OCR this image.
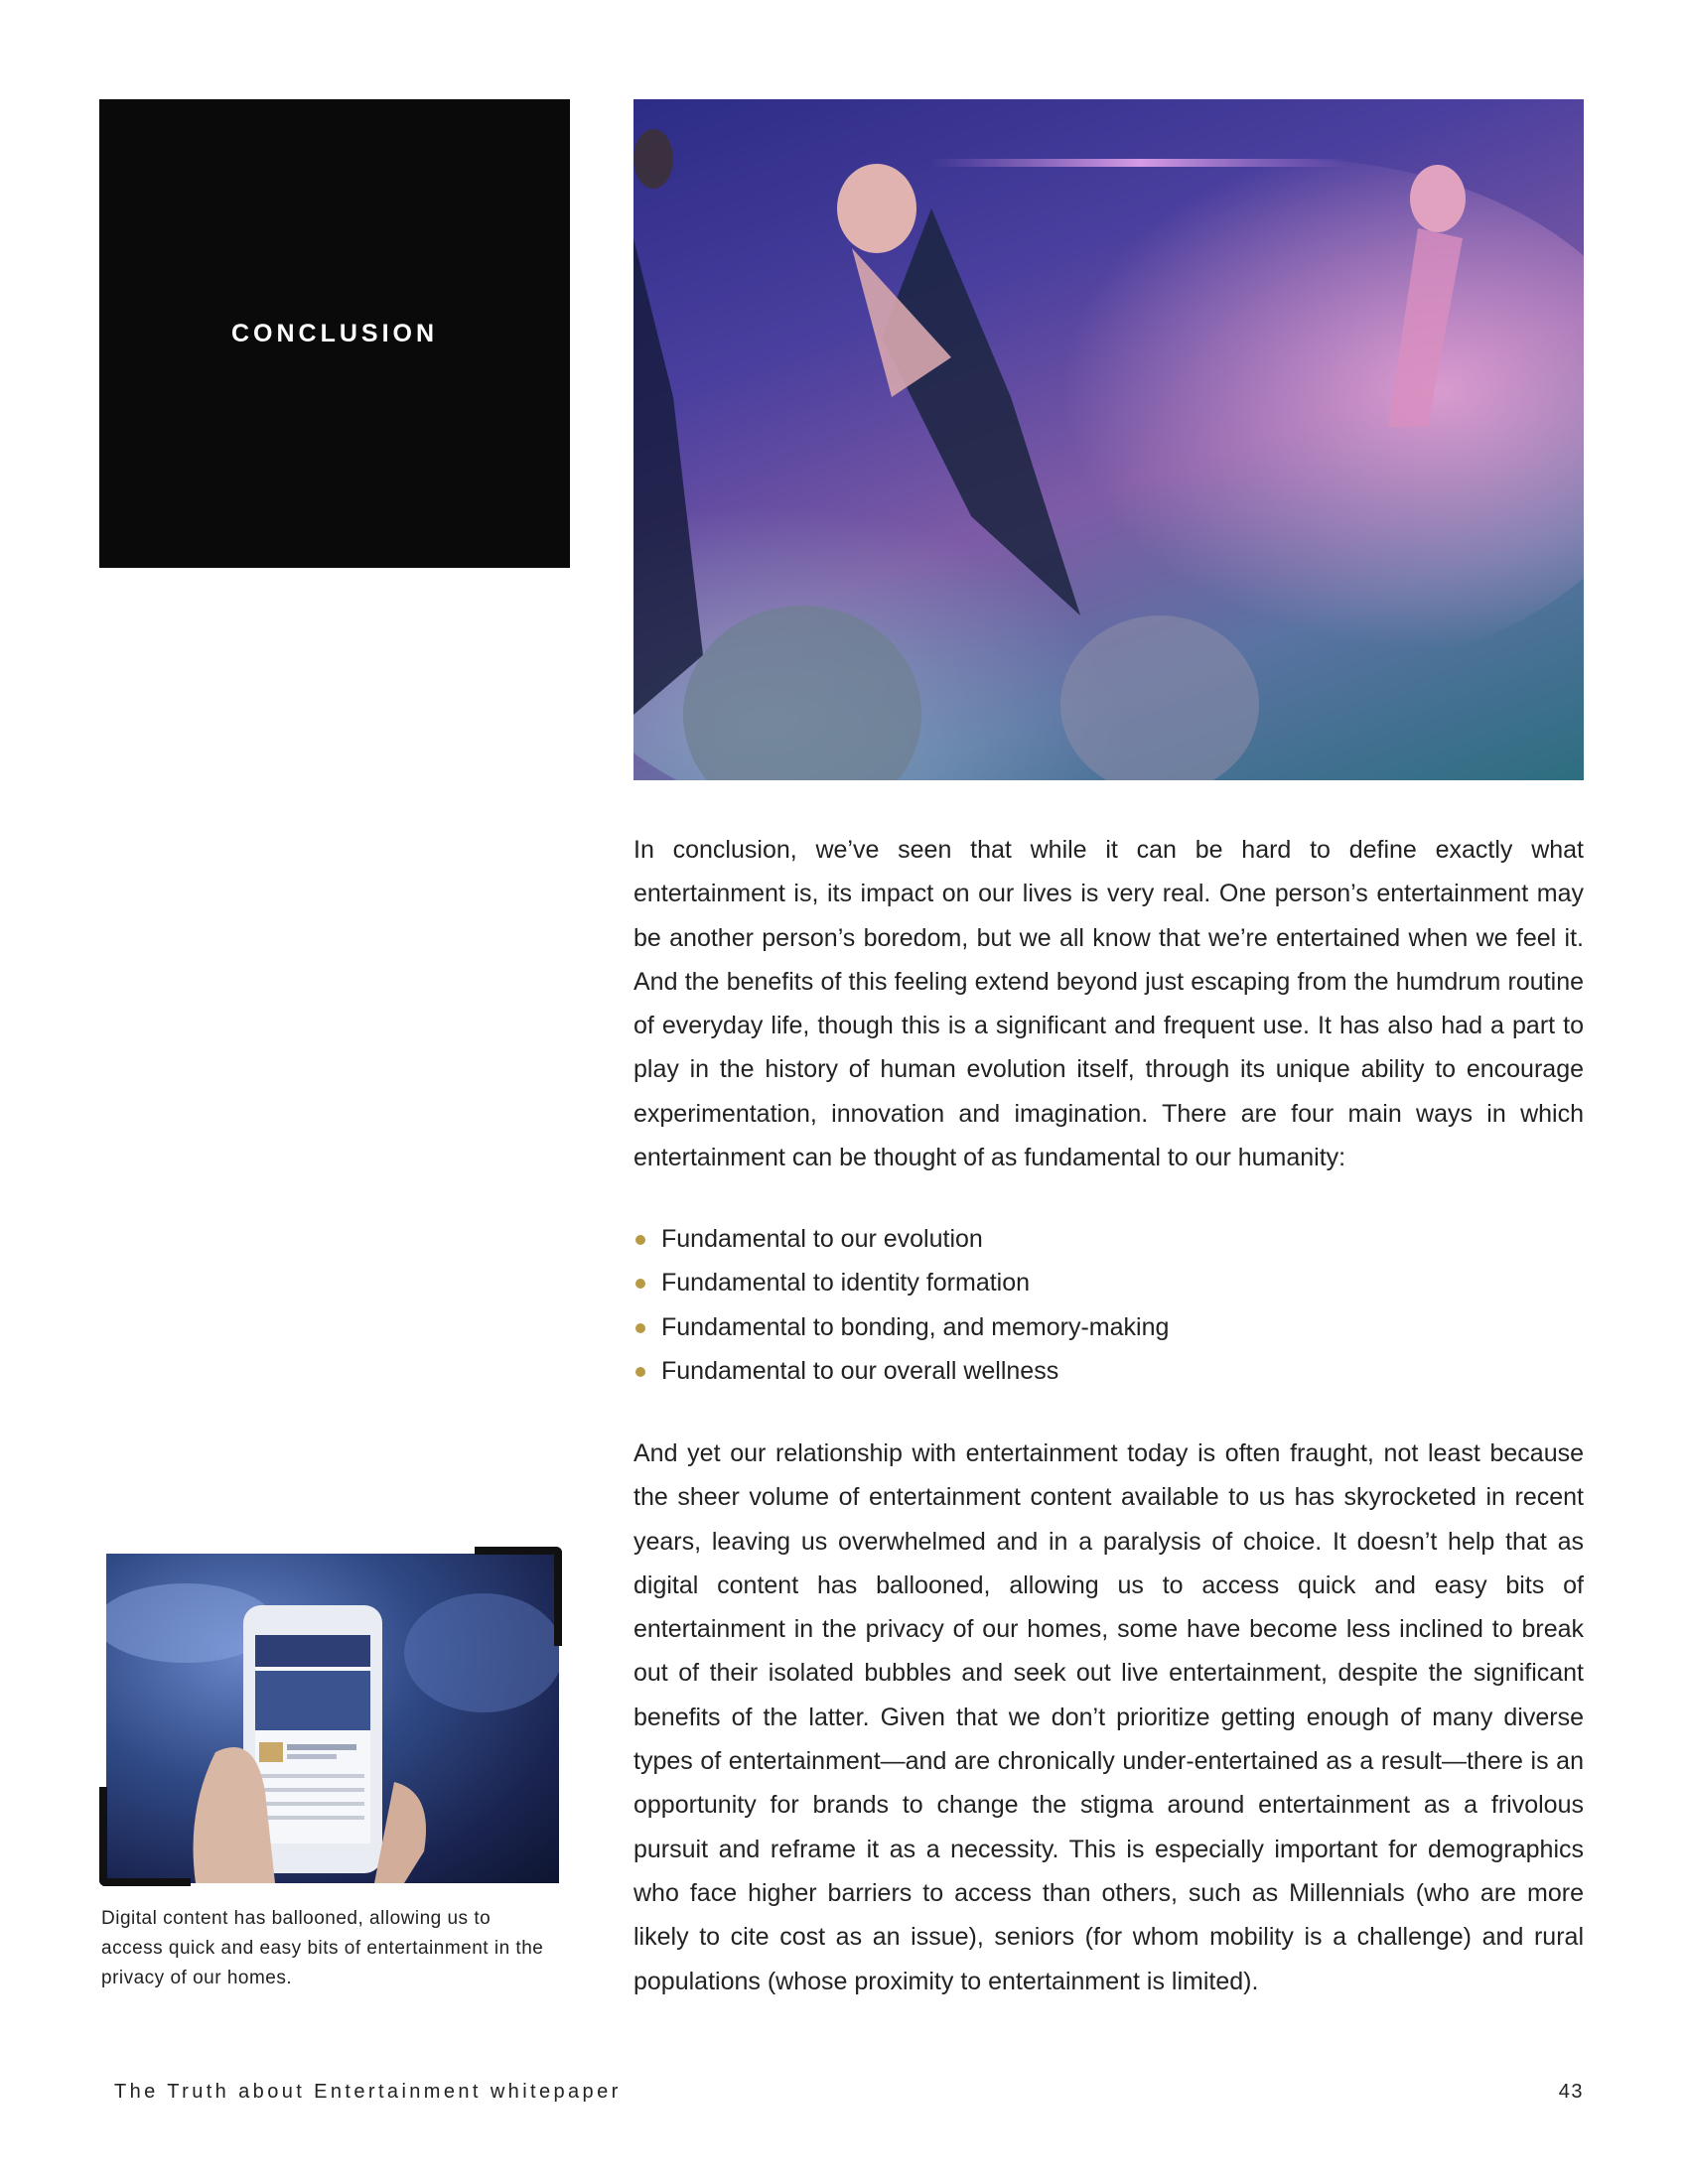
CONCLUSION
In conclusion, we’ve seen that while it can be hard to define exactly what entertainment is, its impact on our lives is very real. One person’s entertainment may be another person’s boredom, but we all know that we’re entertained when we feel it. And the benefits of this feeling extend beyond just escaping from the humdrum routine of everyday life, though this is a significant and frequent use. It has also had a part to play in the history of human evolution itself, through its unique ability to encourage experimentation, innovation and imagination. There are four main ways in which entertainment can be thought of as fundamental to our humanity:
Fundamental to our evolution
Fundamental to identity formation
Fundamental to bonding, and memory-making
Fundamental to our overall wellness
And yet our relationship with entertainment today is often fraught, not least because the sheer volume of entertainment content available to us has skyrocketed in recent years, leaving us overwhelmed and in a paralysis of choice. It doesn’t help that as digital content has ballooned, allowing us to access quick and easy bits of entertainment in the privacy of our homes, some have become less inclined to break out of their isolated bubbles and seek out live entertainment, despite the significant benefits of the latter. Given that we don’t prioritize getting enough of many diverse types of entertainment—and are chronically under-entertained as a result—there is an opportunity for brands to change the stigma around entertainment as a frivolous pursuit and reframe it as a necessity. This is especially important for demographics who face higher barriers to access than others, such as Millennials (who are more likely to cite cost as an issue), seniors (for whom mobility is a challenge) and rural populations (whose proximity to entertainment is limited).
Digital content has ballooned, allowing us to access quick and easy bits of entertainment in the privacy of our homes.
The Truth about Entertainment whitepaper	43
